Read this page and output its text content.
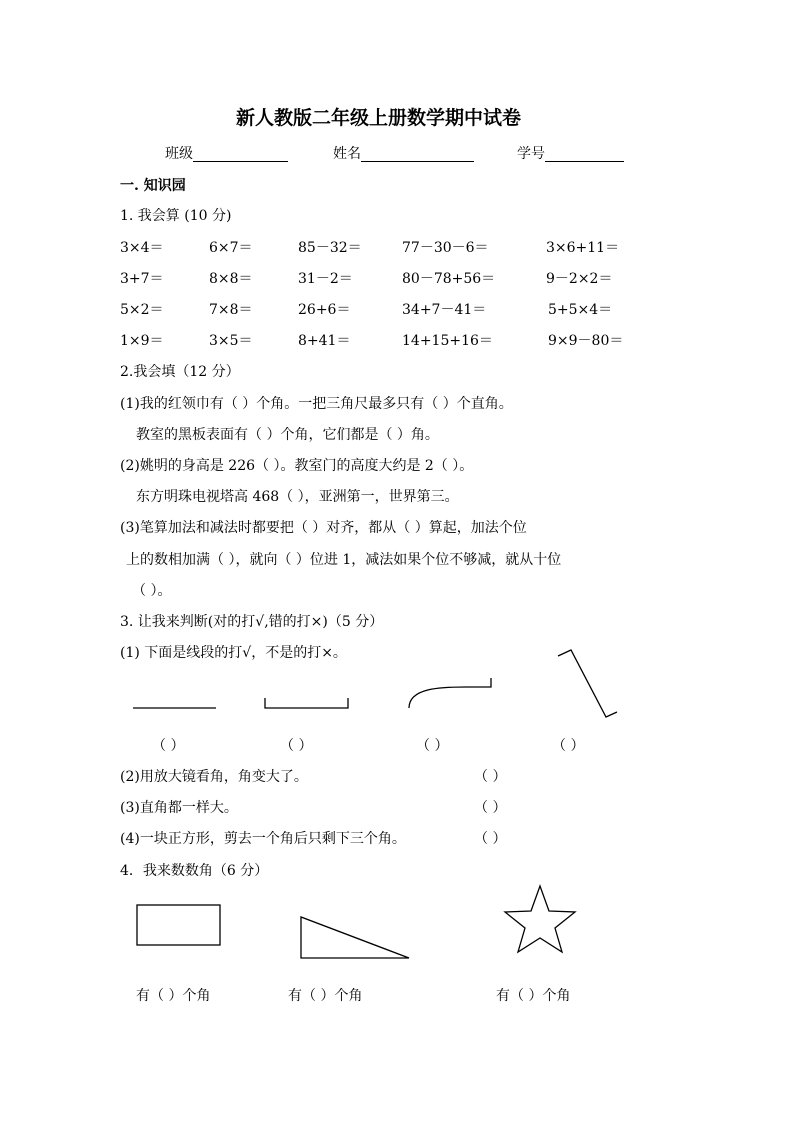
新人教版二年级上册数学期中试卷
班级	姓名	学号
一. 知识园
1. 我会算 (10 分)
3×4＝	6×7＝	85－32＝	77－30－6＝	3×6+11＝
3+7＝	8×8＝	31－2＝	80－78+56＝	9－2×2＝
5×2＝	7×8＝	26+6＝	34+7－41＝	5+5×4＝
1×9＝	3×5＝	8+41＝	14+15+16＝	9×9－80＝
2.我会填（12 分）
(1)我的红领巾有（ ）个角。一把三角尺最多只有（ ）个直角。
教室的黑板表面有（ ）个角，它们都是（ ）角。
(2)姚明的身高是 226（ ）。教室门的高度大约是 2（ ）。
东方明珠电视塔高 468（ ），亚洲第一，世界第三。
(3)笔算加法和减法时都要把（ ）对齐，都从（ ）算起，加法个位
上的数相加满（ ），就向（ ）位进 1，减法如果个位不够减，就从十位
（ ）。
3. 让我来判断(对的打√,错的打×)（5 分）
(1) 下面是线段的打√，不是的打×。
（ ）	（ ）	（ ）	（ ）
(2)用放大镜看角，角变大了。	（ ）
(3)直角都一样大。	（ ）
(4)一块正方形，剪去一个角后只剩下三个角。	（ ）
4．我来数数角（6 分）
有（ ）个角	有（ ）个角	有（ ）个角
